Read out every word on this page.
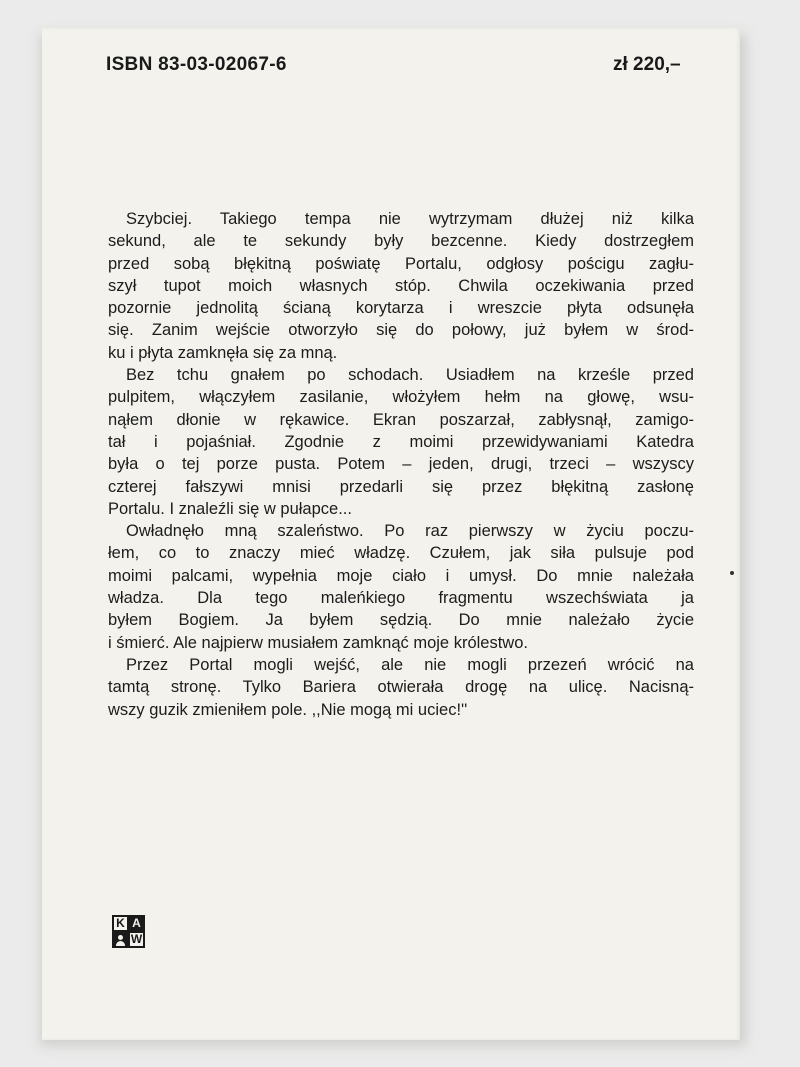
ISBN 83-03-02067-6	zł 220,–
Szybciej. Takiego tempa nie wytrzymam dłużej niż kilka
sekund, ale te sekundy były bezcenne. Kiedy dostrzegłem
przed sobą błękitną poświatę Portalu, odgłosy pościgu zagłu-
szył tupot moich własnych stóp. Chwila oczekiwania przed
pozornie jednolitą ścianą korytarza i wreszcie płyta odsunęła
się. Zanim wejście otworzyło się do połowy, już byłem w środ-
ku i płyta zamknęła się za mną.
Bez tchu gnałem po schodach. Usiadłem na krześle przed
pulpitem, włączyłem zasilanie, włożyłem hełm na głowę, wsu-
nąłem dłonie w rękawice. Ekran poszarzał, zabłysnął, zamigo-
tał i pojaśniał. Zgodnie z moimi przewidywaniami Katedra
była o tej porze pusta. Potem – jeden, drugi, trzeci – wszyscy
czterej fałszywi mnisi przedarli się przez błękitną zasłonę
Portalu. I znaleźli się w pułapce...
Owładnęło mną szaleństwo. Po raz pierwszy w życiu poczu-
łem, co to znaczy mieć władzę. Czułem, jak siła pulsuje pod
moimi palcami, wypełnia moje ciało i umysł. Do mnie należała
władza. Dla tego maleńkiego fragmentu wszechświata ja
byłem Bogiem. Ja byłem sędzią. Do mnie należało życie
i śmierć. Ale najpierw musiałem zamknąć moje królestwo.
Przez Portal mogli wejść, ale nie mogli przezeń wrócić na
tamtą stronę. Tylko Bariera otwierała drogę na ulicę. Nacisną-
wszy guzik zmieniłem pole. ,,Nie mogą mi uciec!''
K A
W
